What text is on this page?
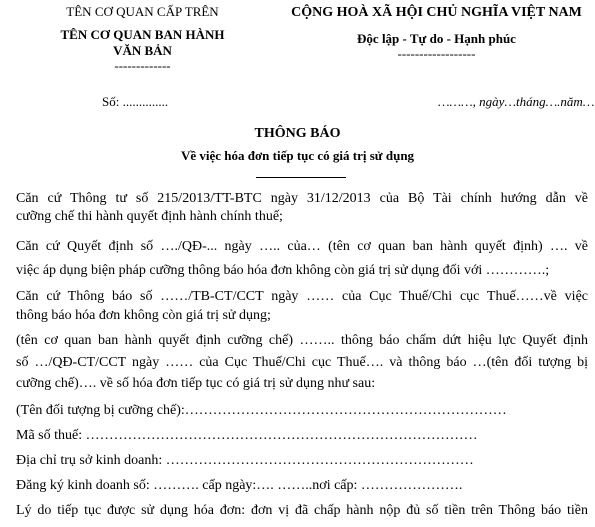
TÊN CƠ QUAN CẤP TRÊN
TÊN CƠ QUAN BAN HÀNH
VĂN BẢN
-------------
CỘNG HOÀ XÃ HỘI CHỦ NGHĨA VIỆT NAM
Độc lập - Tự do - Hạnh phúc
------------------
Số: ..............	………, ngày…tháng….năm…
THÔNG BÁO
Về việc hóa đơn tiếp tục có giá trị sử dụng
Căn cứ Thông tư số 215/2013/TT-BTC ngày 31/12/2013 của Bộ Tài chính hướng dẫn về
cưỡng chế thi hành quyết định hành chính thuế;
Căn cứ Quyết định số …./QĐ-... ngày ….. của… (tên cơ quan ban hành quyết định) …. về
việc áp dụng biện pháp cưỡng thông báo hóa đơn không còn giá trị sử dụng đối với ………….;
Căn cứ Thông báo số ……/TB-CT/CCT ngày …… của Cục Thuế/Chi cục Thuế……về việc
thông báo hóa đơn không còn giá trị sử dụng;
(tên cơ quan ban hành quyết định cưỡng chế) …….. thông báo chấm dứt hiệu lực Quyết định
số …/QĐ-CT/CCT ngày …… của Cục Thuế/Chi cục Thuế…. và thông báo …(tên đối tượng bị
cưỡng chế)…. về số hóa đơn tiếp tục có giá trị sử dụng như sau:
(Tên đối tượng bị cưỡng chế):……………………………………………………………
Mã số thuế: …………………………………………………………………………
Địa chỉ trụ sở kinh doanh: …………………………………………………………
Đăng ký kinh doanh số: ………. cấp ngày:…. ……..nơi cấp: ………………….
Lý do tiếp tục được sử dụng hóa đơn: đơn vị đã chấp hành nộp đủ số tiền trên Thông báo tiền
